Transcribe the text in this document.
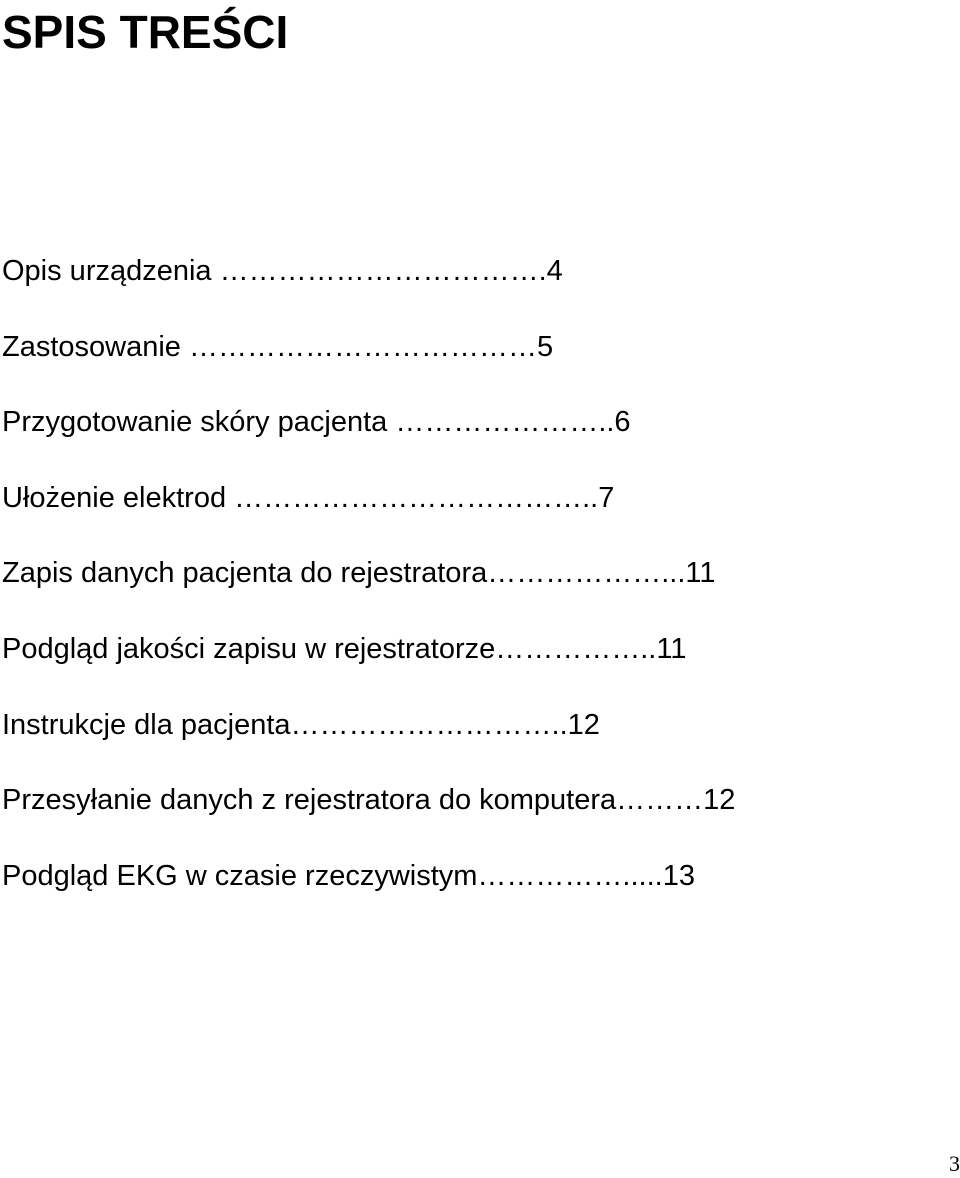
SPIS TREŚCI
Opis urządzenia …………………………….4
Zastosowanie ………………………………5
Przygotowanie skóry pacjenta …………………..6
Ułożenie elektrod ………………………………..7
Zapis danych pacjenta do rejestratora………………...11
Podgląd jakości zapisu w rejestratorze……………..11
Instrukcje dla pacjenta………………………..12
Przesyłanie danych z rejestratora do komputera………12
Podgląd EKG w czasie rzeczywistym…………….....13
3
